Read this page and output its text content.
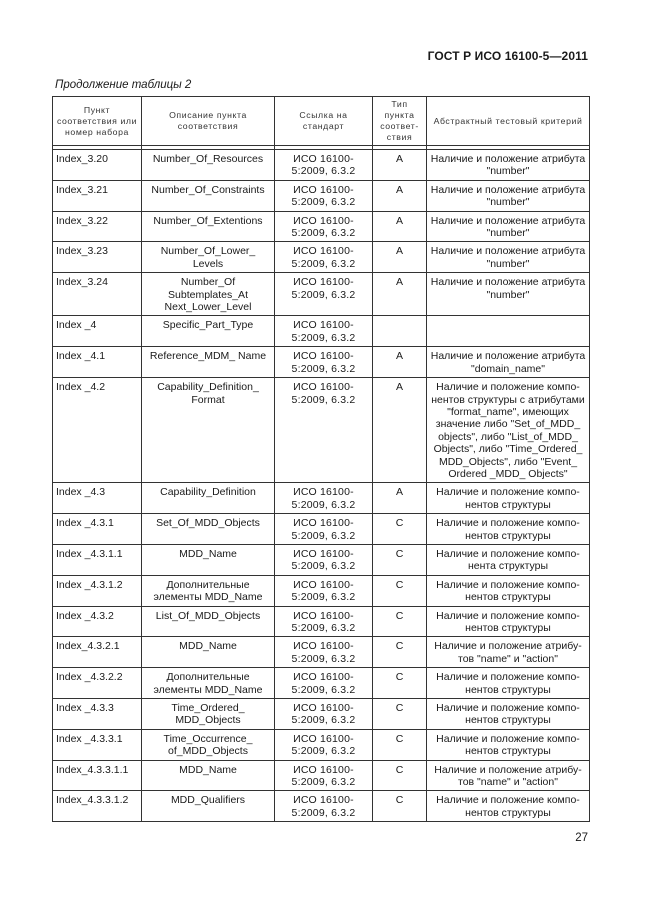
ГОСТ Р ИСО 16100-5—2011
Продолжение таблицы 2
Пункт соответствия или номер набора	Описание пункта соответствия	Ссылка на стандарт	Тип пункта соответ- ствия	Абстрактный тестовый критерий

Index_3.20	Number_Of_Resources	ИСО 16100-5:2009, 6.3.2	A	Наличие и положение атрибута "number"
Index_3.21	Number_Of_Constraints	ИСО 16100-5:2009, 6.3.2	A	Наличие и положение атрибута "number"
Index_3.22	Number_Of_Extentions	ИСО 16100-5:2009, 6.3.2	A	Наличие и положение атрибута "number"
Index_3.23	Number_Of_Lower_ Levels	ИСО 16100-5:2009, 6.3.2	A	Наличие и положение атрибута "number"
Index_3.24	Number_Of Subtemplates_At Next_Lower_Level	ИСО 16100-5:2009, 6.3.2	A	Наличие и положение атрибута "number"
Index _4	Specific_Part_Type	ИСО 16100-5:2009, 6.3.2		
Index _4.1	Reference_MDM_ Name	ИСО 16100-5:2009, 6.3.2	A	Наличие и положение атрибута "domain_name"
Index _4.2	Capability_Definition_ Format	ИСО 16100-5:2009, 6.3.2	A	Наличие и положение компо-нентов структуры с атрибутами "format_name", имеющих значение либо "Set_of_MDD_ objects", либо "List_of_MDD_ Objects", либо "Time_Ordered_ MDD_Objects", либо "Event_ Ordered _MDD_ Objects"
Index _4.3	Capability_Definition	ИСО 16100-5:2009, 6.3.2	A	Наличие и положение компо-нентов структуры
Index _4.3.1	Set_Of_MDD_Objects	ИСО 16100-5:2009, 6.3.2	C	Наличие и положение компо-нентов структуры
Index _4.3.1.1	MDD_Name	ИСО 16100-5:2009, 6.3.2	C	Наличие и положение компо-нента структуры
Index _4.3.1.2	Дополнительные элементы MDD_Name	ИСО 16100-5:2009, 6.3.2	C	Наличие и положение компо-нентов структуры
Index _4.3.2	List_Of_MDD_Objects	ИСО 16100-5:2009, 6.3.2	C	Наличие и положение компо-нентов структуры
Index_4.3.2.1	MDD_Name	ИСО 16100-5:2009, 6.3.2	C	Наличие и положение атрибу-тов "name" и "action"
Index _4.3.2.2	Дополнительные элементы MDD_Name	ИСО 16100-5:2009, 6.3.2	C	Наличие и положение компо-нентов структуры
Index _4.3.3	Time_Ordered_ MDD_Objects	ИСО 16100-5:2009, 6.3.2	C	Наличие и положение компо-нентов структуры
Index _4.3.3.1	Time_Occurrence_ of_MDD_Objects	ИСО 16100-5:2009, 6.3.2	C	Наличие и положение компо-нентов структуры
Index_4.3.3.1.1	MDD_Name	ИСО 16100-5:2009, 6.3.2	C	Наличие и положение атрибу-тов "name" и "action"
Index_4.3.3.1.2	MDD_Qualifiers	ИСО 16100-5:2009, 6.3.2	C	Наличие и положение компо-нентов структуры
27
